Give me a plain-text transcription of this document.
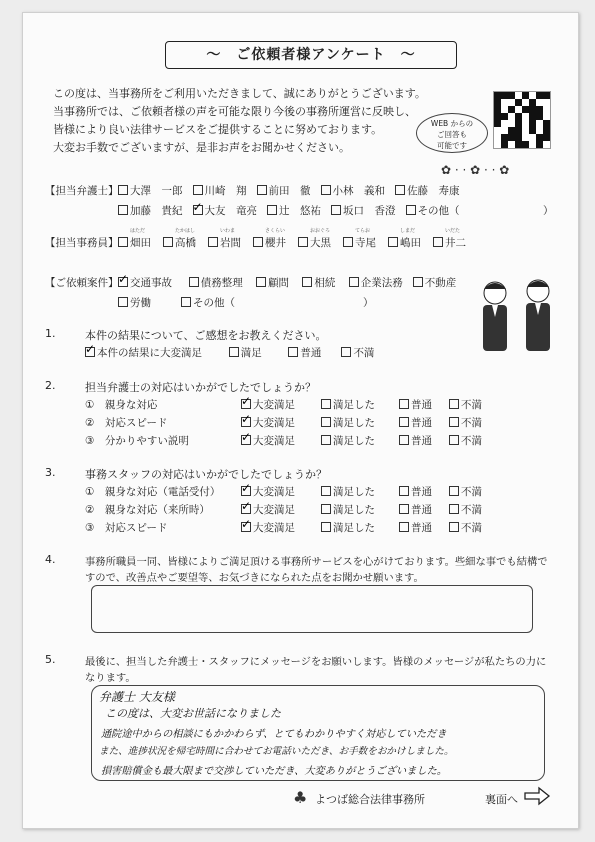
～　ご依頼者様アンケート　～
この度は、当事務所をご利用いただきまして、誠にありがとうございます。
当事務所では、ご依頼者様の声を可能な限り今後の事務所運営に反映し、
皆様により良い法律サービスをご提供することに努めております。
大変お手数でございますが、是非お声をお聞かせください。
WEB からの
ご回答も
可能です
✿ · · ✿ · · ✿
【担当弁護士】	大澤　一郎 川崎　翔 前田　徹 小林　義和 佐藤　寿康
加藤　貴紀 ✓ 大友　竜亮 辻　悠祐 坂口　香澄 その他（	）
【担当事務員】
はただ
畑田
たかはし
高橋
いわま
岩間
さくらい
櫻井
おおぐろ
大黒
てらお
寺尾
しまだ
嶋田
いだた
井二
【ご依頼案件】 ✓	交通事故	債務整理 顧問 相続 企業法務 不動産
労働	その他（	）
1.	本件の結果について、ご感想をお教えください。
✓本件の結果に大変満足	満足	普通	不満
2.	担当弁護士の対応はいかがでしたでしょうか？
3.	事務スタッフの対応はいかがでしたでしょうか？
4.	事務所職員一同、皆様によりご満足頂ける事務所サービスを心がけております。些細な事でも結構で
すので、改善点やご要望等、お気づきになられた点をお聞かせ願います。
5.	最後に、担当した弁護士・スタッフにメッセージをお願いします。皆様のメッセージが私たちの力に
なります。
弁護士 大友様
この度は、大変お世話になりました
通院途中からの相談にもかかわらず、とてもわかりやすく対応していただき
また、進捗状況を帰宅時間に合わせてお電話いただき、お手数をおかけしました。
損害賠償金も最大限まで交渉していただき、大変ありがとうございました。
♣ よつば総合法律事務所	裏面へ
①　親身な対応 ✓	大変満足	満足した	普通	不満
②　対応スピード ✓	大変満足	満足した	普通	不満
③　分かりやすい説明 ✓	大変満足	満足した	普通	不満
①　親身な対応（電話受付） ✓	大変満足	満足した	普通	不満
②　親身な対応（来所時） ✓	大変満足	満足した	普通	不満
③　対応スピード ✓	大変満足	満足した	普通	不満
